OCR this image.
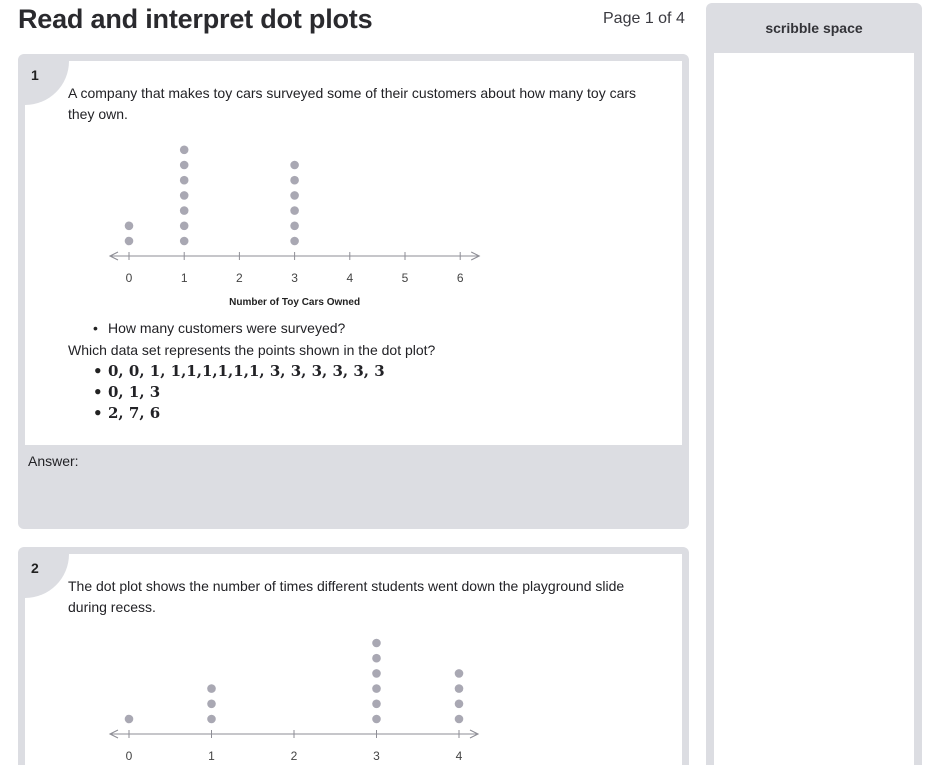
Read and interpret dot plots	Page 1 of 4
1
A company that makes toy cars surveyed some of their customers about how many toy cars they own.
0	1	2	3	4	5	6
Number of Toy Cars Owned
• How many customers were surveyed?
Which data set represents the points shown in the dot plot?
• 0, 0, 1, 1,1,1,1,1,1, 3, 3, 3, 3, 3, 3
• 0, 1, 3
• 2, 7, 6
Answer:
2
The dot plot shows the number of times different students went down the playground slide during recess.
0	1	2	3	4
scribble space
